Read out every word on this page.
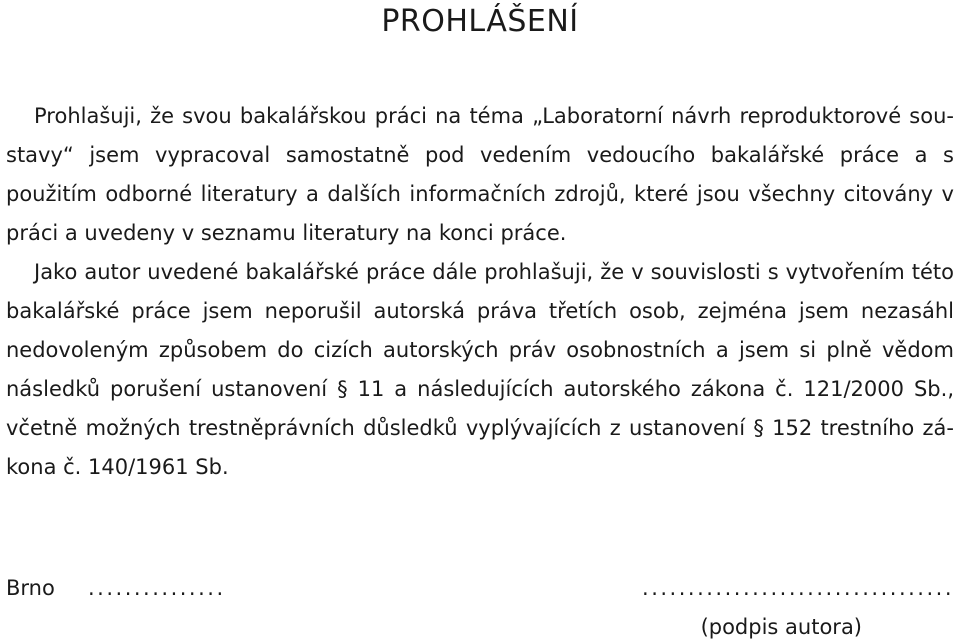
PROHLÁŠENÍ

Prohlašuji, že svou bakalářskou práci na téma „Laboratorní návrh reproduktorové soustavy“ jsem vypracoval samostatně pod vedením vedoucího bakalářské práce a s použitím odborné literatury a dalších informačních zdrojů, které jsou všechny citovány v práci a uvedeny v seznamu literatury na konci práce.

Jako autor uvedené bakalářské práce dále prohlašuji, že v souvislosti s vytvořením této bakalářské práce jsem neporušil autorská práva třetích osob, zejména jsem nezasáhl nedovoleným způsobem do cizích autorských práv osobnostních a jsem si plně vědom následků porušení ustanovení § 11 a následujících autorského zákona č. 121/2000 Sb., včetně možných trestněprávních důsledků vyplývajících z ustanovení § 152 trestního zákona č. 140/1961 Sb.

Brno ...............	..................................
(podpis autora)
